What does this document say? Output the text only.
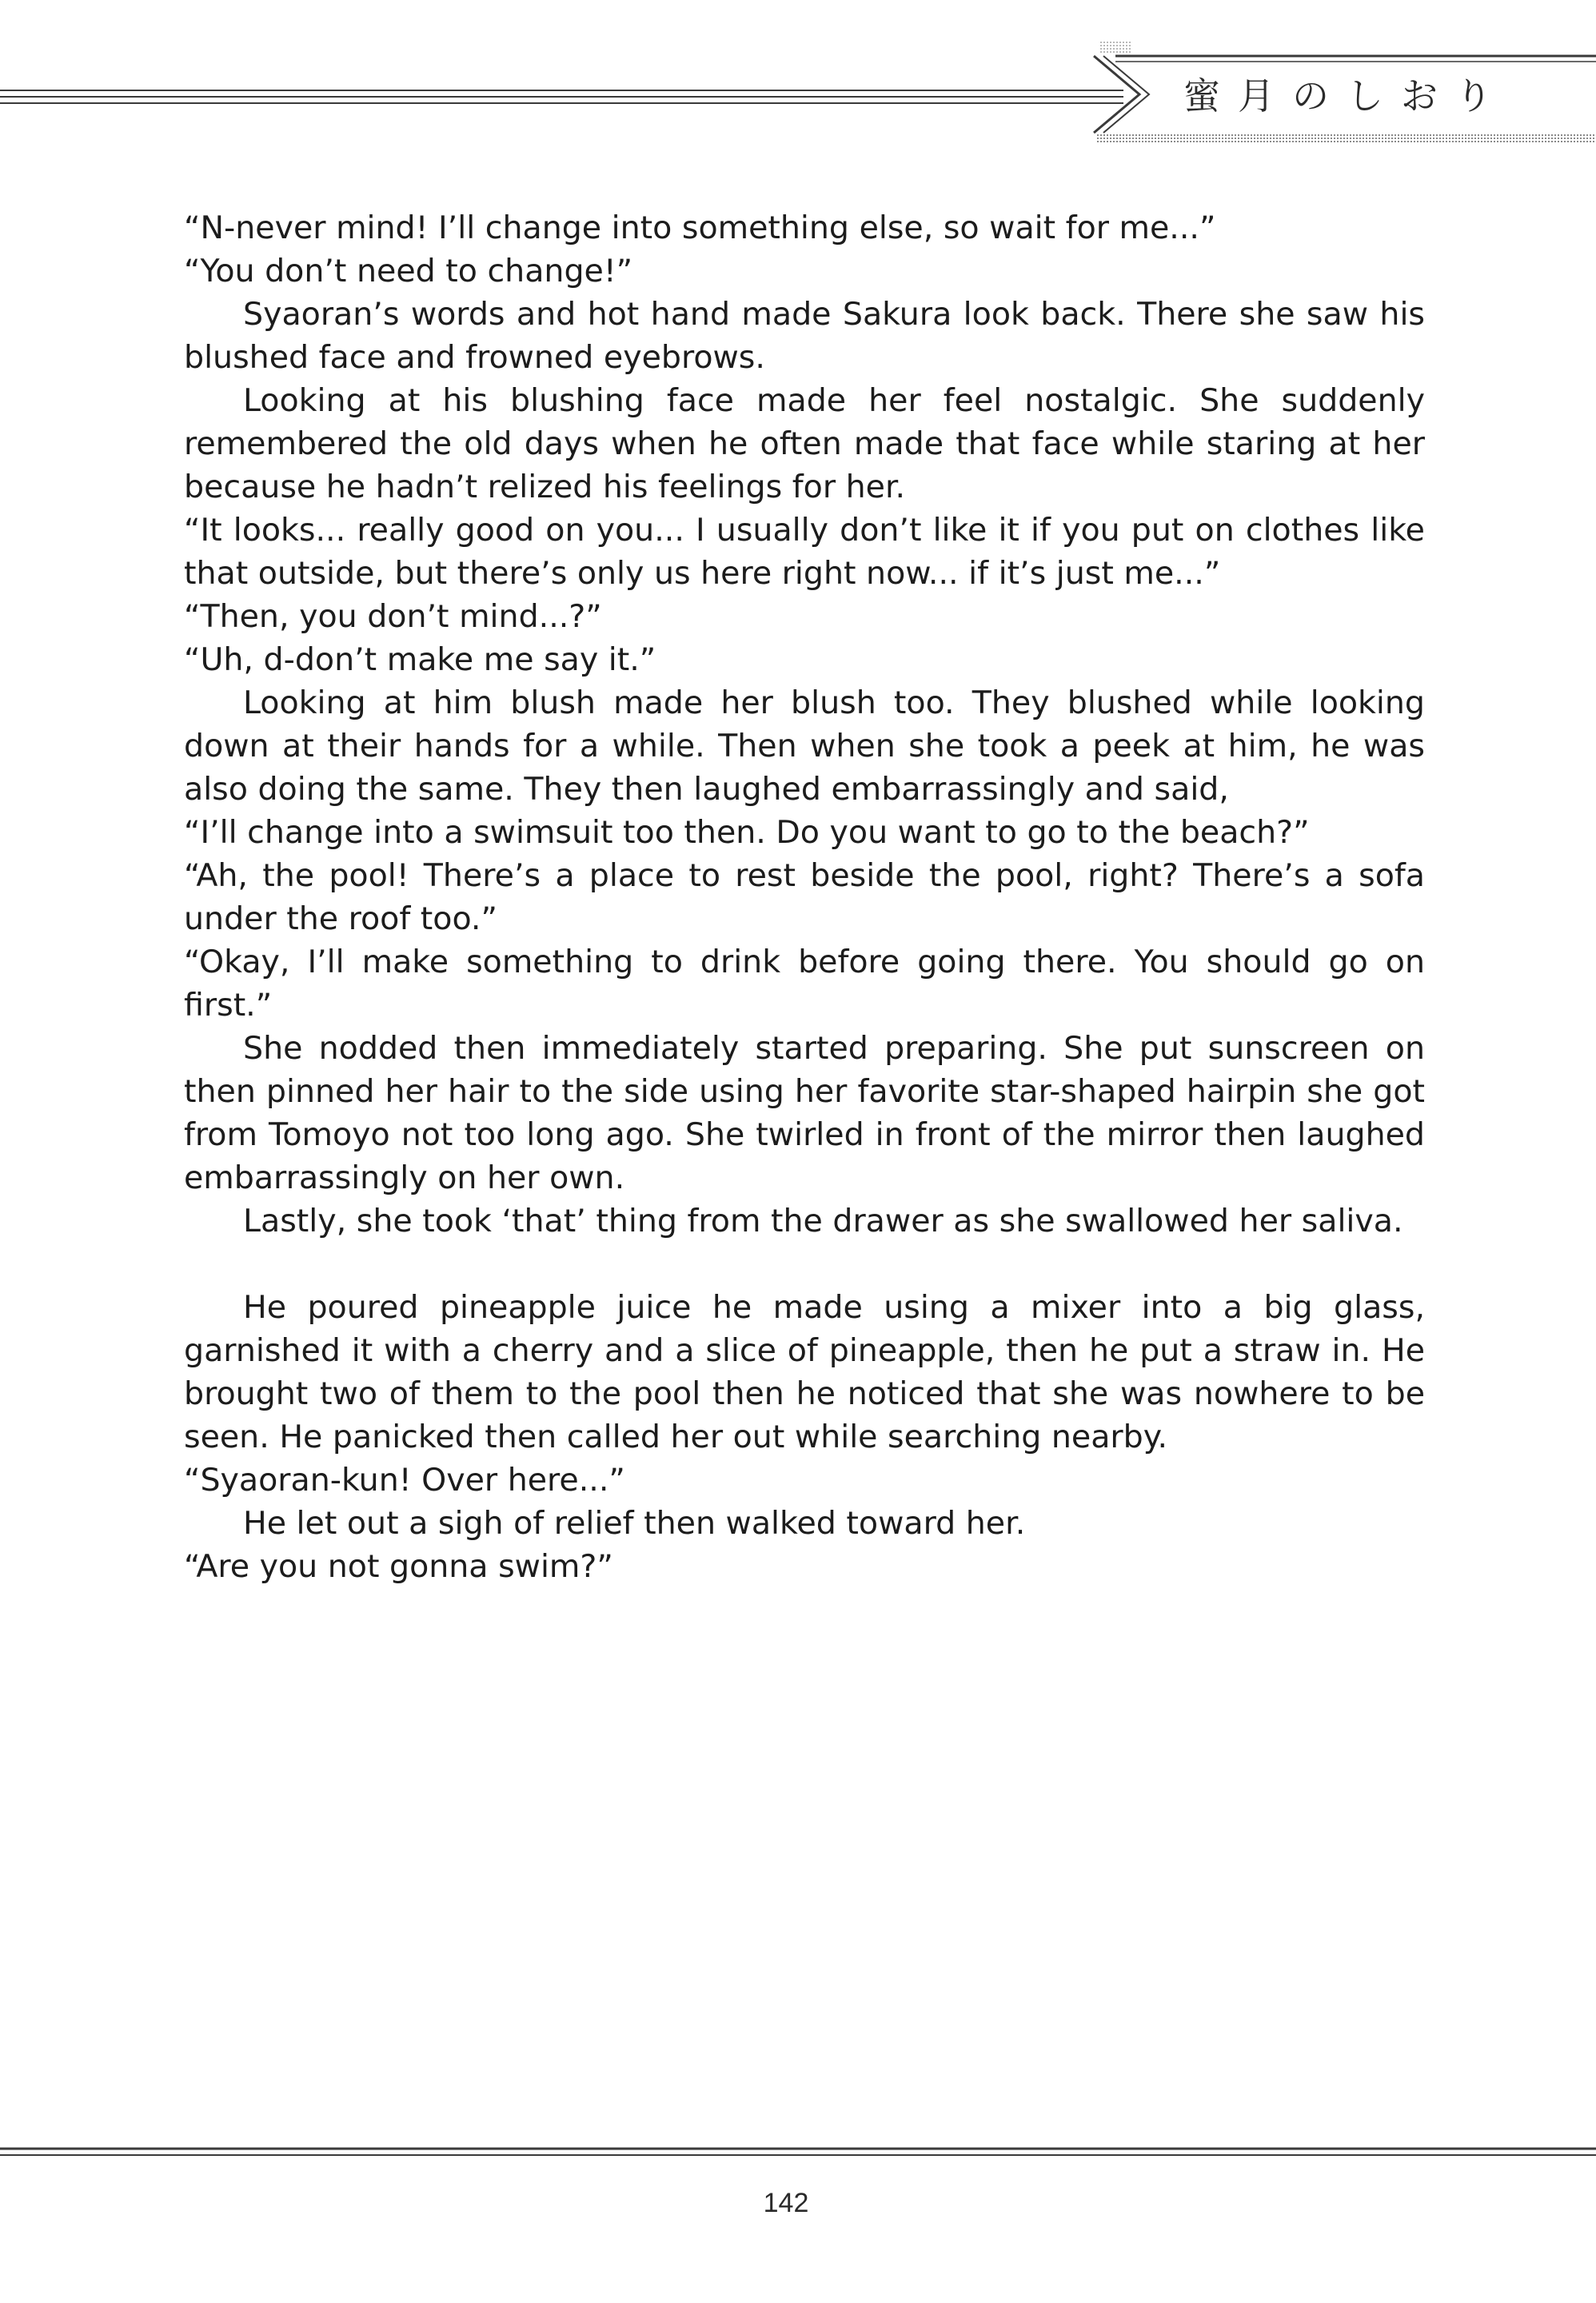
蜜月のしおり

“N-never mind! I’ll change into something else, so wait for me...”

“You don’t need to change!”

Syaoran’s words and hot hand made Sakura look back. There she saw his blushed face and frowned eyebrows.

Looking at his blushing face made her feel nostalgic. She suddenly remembered the old days when he often made that face while staring at her because he hadn’t relized his feelings for her.

“It looks... really good on you... I usually don’t like it if you put on clothes like that outside, but there’s only us here right now... if it’s just me...”

“Then, you don’t mind...?”

“Uh, d-don’t make me say it.”

Looking at him blush made her blush too. They blushed while looking down at their hands for a while. Then when she took a peek at him, he was also doing the same. They then laughed embarrassingly and said,

“I’ll change into a swimsuit too then. Do you want to go to the beach?”

“Ah, the pool! There’s a place to rest beside the pool, right? There’s a sofa under the roof too.”

“Okay, I’ll make something to drink before going there. You should go on first.”

She nodded then immediately started preparing. She put sunscreen on then pinned her hair to the side using her favorite star-shaped hairpin she got from Tomoyo not too long ago. She twirled in front of the mirror then laughed embarrassingly on her own.

Lastly, she took ‘that’ thing from the drawer as she swallowed her saliva.

He poured pineapple juice he made using a mixer into a big glass, garnished it with a cherry and a slice of pineapple, then he put a straw in. He brought two of them to the pool then he noticed that she was nowhere to be seen. He panicked then called her out while searching nearby.

“Syaoran-kun! Over here...”

He let out a sigh of relief then walked toward her.

“Are you not gonna swim?”

142
